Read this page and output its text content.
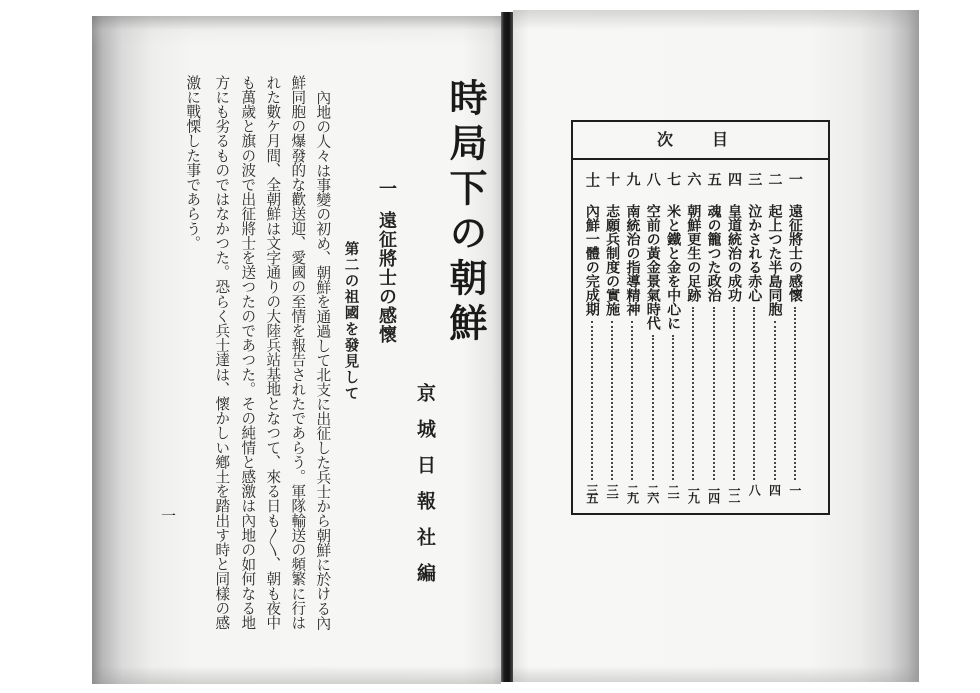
時局下の朝鮮
京城日報社編
一
遠征將士の感懷
第二の祖國を發見して
內地の人々は事變の初め、朝鮮を通過して北支に出征した兵士から朝鮮に於ける內
鮮同胞の爆發的な歡送迎、愛國の至情を報告されたであらう。軍隊輸送の頻繁に行は
れた數ケ月間、全朝鮮は文字通りの大陸兵站基地となつて、來る日も〳〵、朝も夜中
も萬歲と旗の波で出征將士を送つたのであつた。その純情と感激は內地の如何なる地
方にも劣るものではなかつた。恐らく兵士達は、懷かしい鄕土を踏出す時と同樣の感
激に戰慄した事であらう。
一
目次
一
遠征將士の感懷
一
二
起上つた半島同胞
四
三
泣かされる赤心
八
四
皇道統治の成功
一二
五
魂の籠つた政治
一四
六
朝鮮更生の足跡
一九
七
米と鐵と金を中心に
二一
八
空前の黃金景氣時代
二六
九
南統治の指導精神
二九
十
志願兵制度の實施
三一
十一
內鮮一體の完成期
三五
